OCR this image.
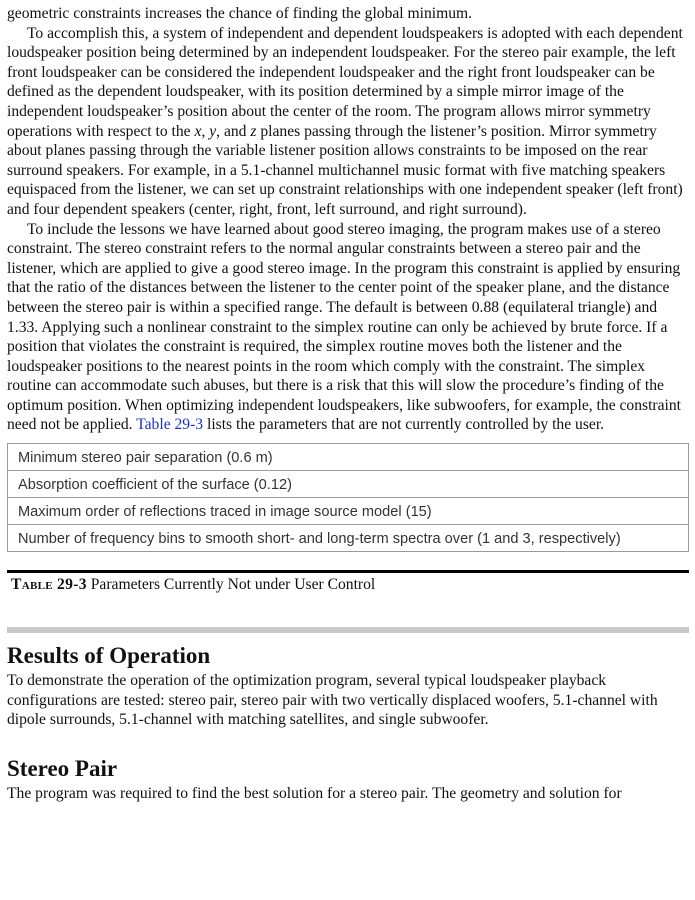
geometric constraints increases the chance of finding the global minimum.

To accomplish this, a system of independent and dependent loudspeakers is adopted with each dependent loudspeaker position being determined by an independent loudspeaker. For the stereo pair example, the left front loudspeaker can be considered the independent loudspeaker and the right front loudspeaker can be defined as the dependent loudspeaker, with its position determined by a simple mirror image of the independent loudspeaker’s position about the center of the room. The program allows mirror symmetry operations with respect to the x, y, and z planes passing through the listener’s position. Mirror symmetry about planes passing through the variable listener position allows constraints to be imposed on the rear surround speakers. For example, in a 5.1-channel multichannel music format with five matching speakers equispaced from the listener, we can set up constraint relationships with one independent speaker (left front) and four dependent speakers (center, right, front, left surround, and right surround).

To include the lessons we have learned about good stereo imaging, the program makes use of a stereo constraint. The stereo constraint refers to the normal angular constraints between a stereo pair and the listener, which are applied to give a good stereo image. In the program this constraint is applied by ensuring that the ratio of the distances between the listener to the center point of the speaker plane, and the distance between the stereo pair is within a specified range. The default is between 0.88 (equilateral triangle) and 1.33. Applying such a nonlinear constraint to the simplex routine can only be achieved by brute force. If a position that violates the constraint is required, the simplex routine moves both the listener and the loudspeaker positions to the nearest points in the room which comply with the constraint. The simplex routine can accommodate such abuses, but there is a risk that this will slow the procedure’s finding of the optimum position. When optimizing independent loudspeakers, like subwoofers, for example, the constraint need not be applied. Table 29-3 lists the parameters that are not currently controlled by the user.

Minimum stereo pair separation (0.6 m)
Absorption coefficient of the surface (0.12)
Maximum order of reflections traced in image source model (15)
Number of frequency bins to smooth short- and long-term spectra over (1 and 3, respectively)
Table 29-3 Parameters Currently Not under User Control
Results of Operation

To demonstrate the operation of the optimization program, several typical loudspeaker playback configurations are tested: stereo pair, stereo pair with two vertically displaced woofers, 5.1-channel with dipole surrounds, 5.1-channel with matching satellites, and single subwoofer.

Stereo Pair

The program was required to find the best solution for a stereo pair. The geometry and solution for
